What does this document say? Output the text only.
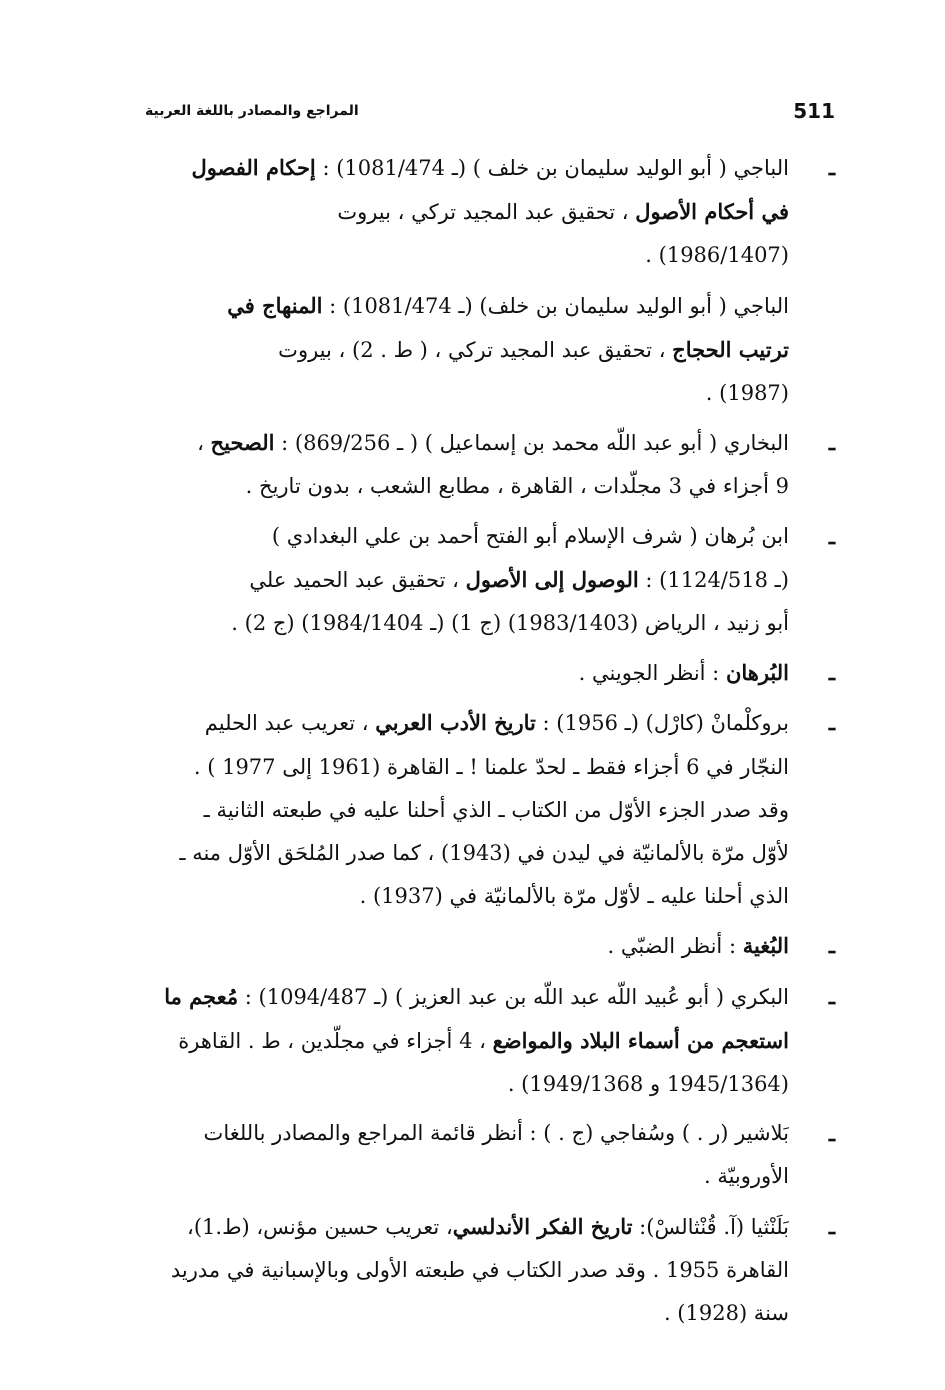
511
المراجع والمصادر باللغة العربية
ـ
الباجي ( أبو الوليد سليمان بن خلف ) (ـ 1081/474) : إحكام الفصول
في أحكام الأصول ، تحقيق عبد المجيد تركي ، بيروت
(1986/1407) .
الباجي ( أبو الوليد سليمان بن خلف) (ـ 1081/474) : المنهاج في
ترتيب الحجاج ، تحقيق عبد المجيد تركي ، ( ط . 2) ، بيروت
(1987) .
ـ
البخاري ( أبو عبد اللّه محمد بن إسماعيل ) ( ـ 869/256) : الصحيح ،
9 أجزاء في 3 مجلّدات ، القاهرة ، مطابع الشعب ، بدون تاريخ .
ـ
ابن بُرهان ( شرف الإسلام أبو الفتح أحمد بن علي البغدادي )
(ـ 1124/518) : الوصول إلى الأصول ، تحقيق عبد الحميد علي
أبو زنيد ، الرياض (1983/1403) (ج 1) (ـ 1984/1404) (ج 2) .
ـ
البُرهان : أنظر الجويني .
ـ
بروكلْمانْ (كارْل) (ـ 1956) : تاريخ الأدب العربي ، تعريب عبد الحليم
النجّار في 6 أجزاء فقط ـ لحدّ علمنا ! ـ القاهرة (1961 إلى 1977 ) .
وقد صدر الجزء الأوّل من الكتاب ـ الذي أحلنا عليه في طبعته الثانية ـ
لأوّل مرّة بالألمانيّة في ليدن في (1943) ، كما صدر المُلحَق الأوّل منه ـ
الذي أحلنا عليه ـ لأوّل مرّة بالألمانيّة في (1937) .
ـ
البُغية : أنظر الضبّي .
ـ
البكري ( أبو عُبيد اللّه عبد اللّه بن عبد العزيز ) (ـ 1094/487) : مُعجم ما
استعجم من أسماء البلاد والمواضع ، 4 أجزاء في مجلّدين ، ط . القاهرة
(1945/1364 و 1949/1368) .
ـ
بَلاشير (ر . ) وسُفاجي (ج . ) : أنظر قائمة المراجع والمصادر باللغات
الأوروبيّة .
ـ
بَلَنْثيا (آ. قُنْثالسْ): تاريخ الفكر الأندلسي، تعريب حسين مؤنس، (ط.1)،
القاهرة 1955 . وقد صدر الكتاب في طبعته الأولى وبالإسبانية في مدريد
سنة (1928) .
